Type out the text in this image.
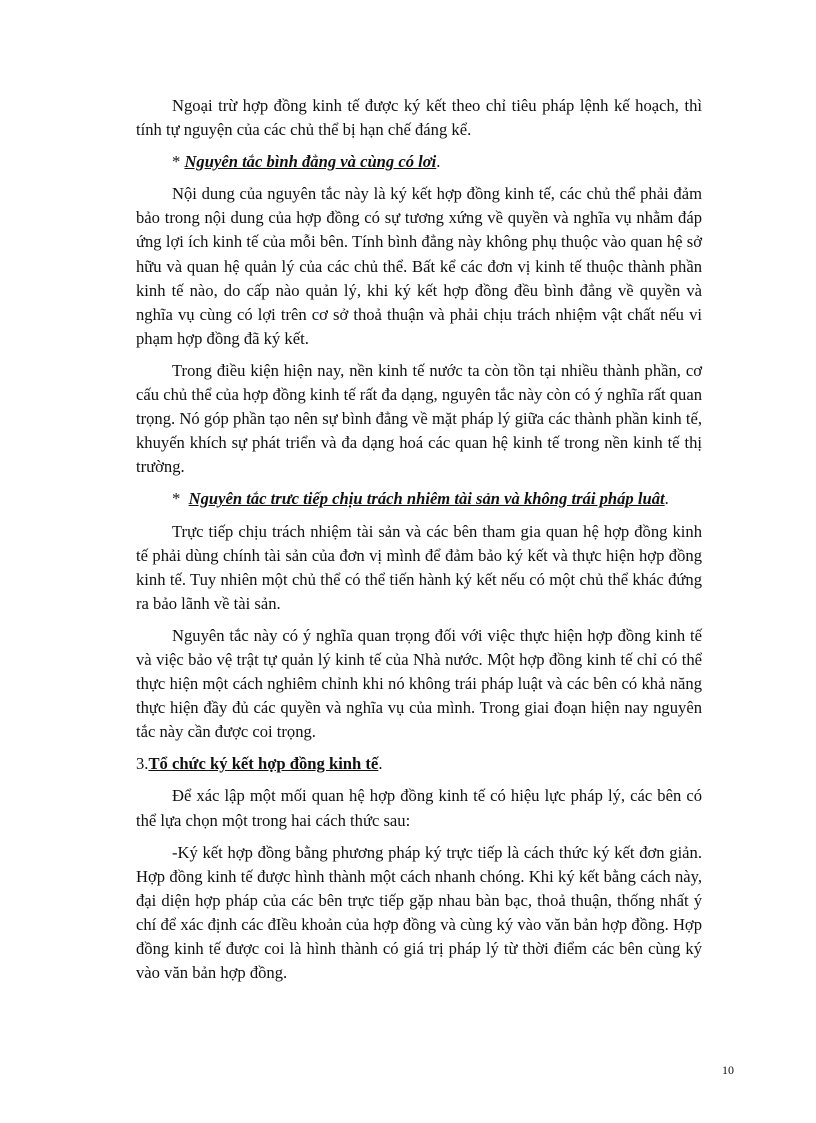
Ngoại trừ hợp đồng kinh tế được ký kết theo chỉ tiêu pháp lệnh kế hoạch, thì tính tự nguyện của các chủ thể bị hạn chế đáng kể.

* Nguyên tắc bình đẳng và cùng có lơi.

Nội dung của nguyên tắc này là ký kết hợp đồng kinh tế, các chủ thể phải đảm bảo trong nội dung của hợp đồng có sự tương xứng về quyền và nghĩa vụ nhằm đáp ứng lợi ích kinh tế của mỗi bên. Tính bình đẳng này không phụ thuộc vào quan hệ sở hữu và quan hệ quản lý của các chủ thể. Bất kể các đơn vị kinh tế thuộc thành phần kinh tế nào, do cấp nào quản lý, khi ký kết hợp đồng đều bình đẳng về quyền và nghĩa vụ cùng có lợi trên cơ sở thoả thuận và phải chịu trách nhiệm vật chất nếu vi phạm hợp đồng đã ký kết.

Trong điều kiện hiện nay, nền kinh tế nước ta còn tồn tại nhiều thành phần, cơ cấu chủ thể của hợp đồng kinh tế rất đa dạng, nguyên tắc này còn có ý nghĩa rất quan trọng. Nó góp phần tạo nên sự bình đẳng về mặt pháp lý giữa các thành phần kinh tế, khuyến khích sự phát triển và đa dạng hoá các quan hệ kinh tế trong nền kinh tế thị trường.

*  Nguyên tắc trưc tiếp chịu trách nhiêm tài sản và không trái pháp luât.

Trực tiếp chịu trách nhiệm tài sản và các bên tham gia quan hệ hợp đồng kinh tế phải dùng chính tài sản của đơn vị mình để đảm bảo ký kết và thực hiện hợp đồng kinh tế. Tuy nhiên một chủ thể có thể tiến hành ký kết nếu có một chủ thể khác đứng ra bảo lãnh về tài sản.

Nguyên tắc này có ý nghĩa quan trọng đối với việc thực hiện hợp đồng kinh tế và việc bảo vệ trật tự quản lý kinh tế của Nhà nước. Một hợp đồng kinh tế chỉ có thể thực hiện một cách nghiêm chỉnh khi nó không trái pháp luật và các bên có khả năng thực hiện đầy đủ các quyền và nghĩa vụ của mình. Trong giai đoạn hiện nay nguyên tắc này cần được coi trọng.

3.Tổ chức ký kết hợp đồng kinh tế.

Để xác lập một mối quan hệ hợp đồng kinh tế có hiệu lực pháp lý, các bên có thể lựa chọn một trong hai cách thức sau:

-Ký kết hợp đồng bằng phương pháp ký trực tiếp là cách thức ký kết đơn giản. Hợp đồng kinh tế được hình thành một cách nhanh chóng. Khi ký kết bằng cách này, đại diện hợp pháp của các bên trực tiếp gặp nhau bàn bạc, thoả thuận, thống nhất ý chí để xác định các đIều khoản của hợp đồng và cùng ký vào văn bản hợp đồng. Hợp đồng kinh tế được coi là hình thành có giá trị pháp lý từ thời điểm các bên cùng ký vào văn bản hợp đồng.

10
